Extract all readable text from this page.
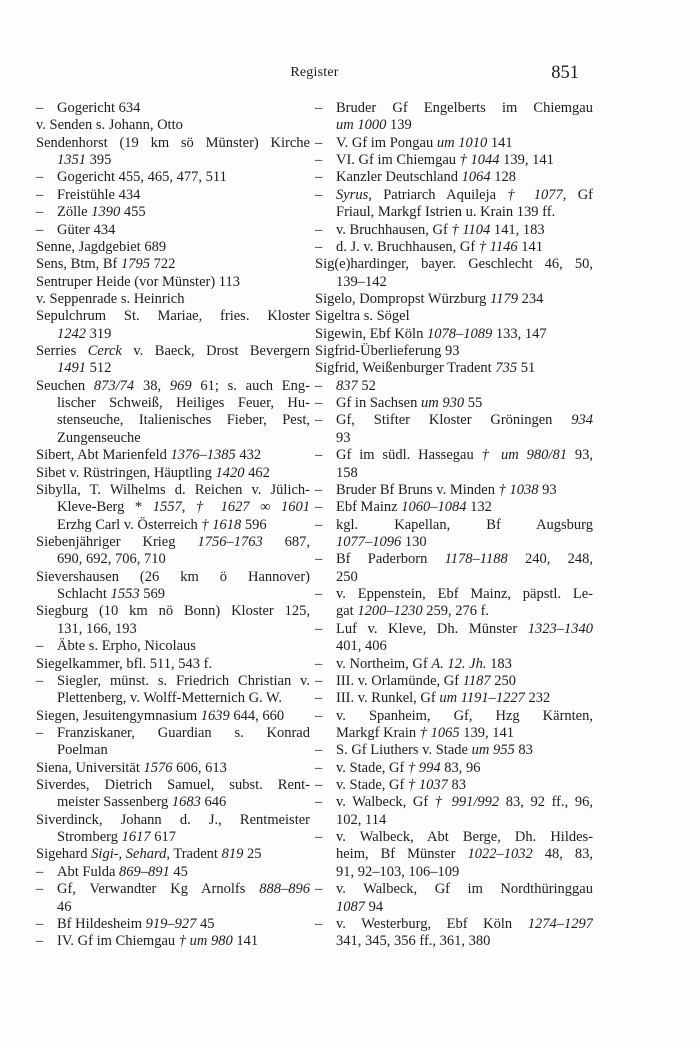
Register	851
– Gogericht 634
v. Senden s. Johann, Otto
Sendenhorst (19 km sö Münster) Kirche
1351 395
– Gogericht 455, 465, 477, 511
– Freistühle 434
– Zölle 1390 455
– Güter 434
Senne, Jagdgebiet 689
Sens, Btm, Bf 1795 722
Sentruper Heide (vor Münster) 113
v. Seppenrade s. Heinrich
Sepulchrum St. Mariae, fries. Kloster
1242 319
Serries Cerck v. Baeck, Drost Bevergern
1491 512
Seuchen 873/74 38, 969 61; s. auch Eng-
lischer Schweiß, Heiliges Feuer, Hu-
stenseuche, Italienisches Fieber, Pest,
Zungenseuche
Sibert, Abt Marienfeld 1376–1385 432
Sibet v. Rüstringen, Häuptling 1420 462
Sibylla, T. Wilhelms d. Reichen v. Jülich-
Kleve-Berg * 1557, † 1627 ∞ 1601
Erzhg Carl v. Österreich † 1618 596
Siebenjähriger Krieg 1756–1763 687,
690, 692, 706, 710
Sievershausen (26 km ö Hannover)
Schlacht 1553 569
Siegburg (10 km nö Bonn) Kloster 125,
131, 166, 193
– Äbte s. Erpho, Nicolaus
Siegelkammer, bfl. 511, 543 f.
– Siegler, münst. s. Friedrich Christian v.
Plettenberg, v. Wolff-Metternich G. W.
Siegen, Jesuitengymnasium 1639 644, 660
– Franziskaner, Guardian s. Konrad
Poelman
Siena, Universität 1576 606, 613
Siverdes, Dietrich Samuel, subst. Rent-
meister Sassenberg 1683 646
Siverdinck, Johann d. J., Rentmeister
Stromberg 1617 617
Sigehard Sigi-, Sehard, Tradent 819 25
– Abt Fulda 869–891 45
– Gf, Verwandter Kg Arnolfs 888–896
46
– Bf Hildesheim 919–927 45
– IV. Gf im Chiemgau † um 980 141
– Bruder Gf Engelberts im Chiemgau
um 1000 139
– V. Gf im Pongau um 1010 141
– VI. Gf im Chiemgau † 1044 139, 141
– Kanzler Deutschland 1064 128
– Syrus, Patriarch Aquileja † 1077, Gf
Friaul, Markgf Istrien u. Krain 139 ff.
– v. Bruchhausen, Gf † 1104 141, 183
– d. J. v. Bruchhausen, Gf † 1146 141
Sig(e)hardinger, bayer. Geschlecht 46, 50,
139–142
Sigelo, Dompropst Würzburg 1179 234
Sigeltra s. Sögel
Sigewin, Ebf Köln 1078–1089 133, 147
Sigfrid-Überlieferung 93
Sigfrid, Weißenburger Tradent 735 51
– 837 52
– Gf in Sachsen um 930 55
– Gf, Stifter Kloster Gröningen 934
93
– Gf im südl. Hassegau † um 980/81 93,
158
– Bruder Bf Bruns v. Minden † 1038 93
– Ebf Mainz 1060–1084 132
– kgl. Kapellan, Bf Augsburg
1077–1096 130
– Bf Paderborn 1178–1188 240, 248,
250
– v. Eppenstein, Ebf Mainz, päpstl. Le-
gat 1200–1230 259, 276 f.
– Luf v. Kleve, Dh. Münster 1323–1340
401, 406
– v. Northeim, Gf A. 12. Jh. 183
– III. v. Orlamünde, Gf 1187 250
– III. v. Runkel, Gf um 1191–1227 232
– v. Spanheim, Gf, Hzg Kärnten,
Markgf Krain † 1065 139, 141
– S. Gf Liuthers v. Stade um 955 83
– v. Stade, Gf † 994 83, 96
– v. Stade, Gf † 1037 83
– v. Walbeck, Gf † 991/992 83, 92 ff., 96,
102, 114
– v. Walbeck, Abt Berge, Dh. Hildes-
heim, Bf Münster 1022–1032 48, 83,
91, 92–103, 106–109
– v. Walbeck, Gf im Nordthüringgau
1087 94
– v. Westerburg, Ebf Köln 1274–1297
341, 345, 356 ff., 361, 380
